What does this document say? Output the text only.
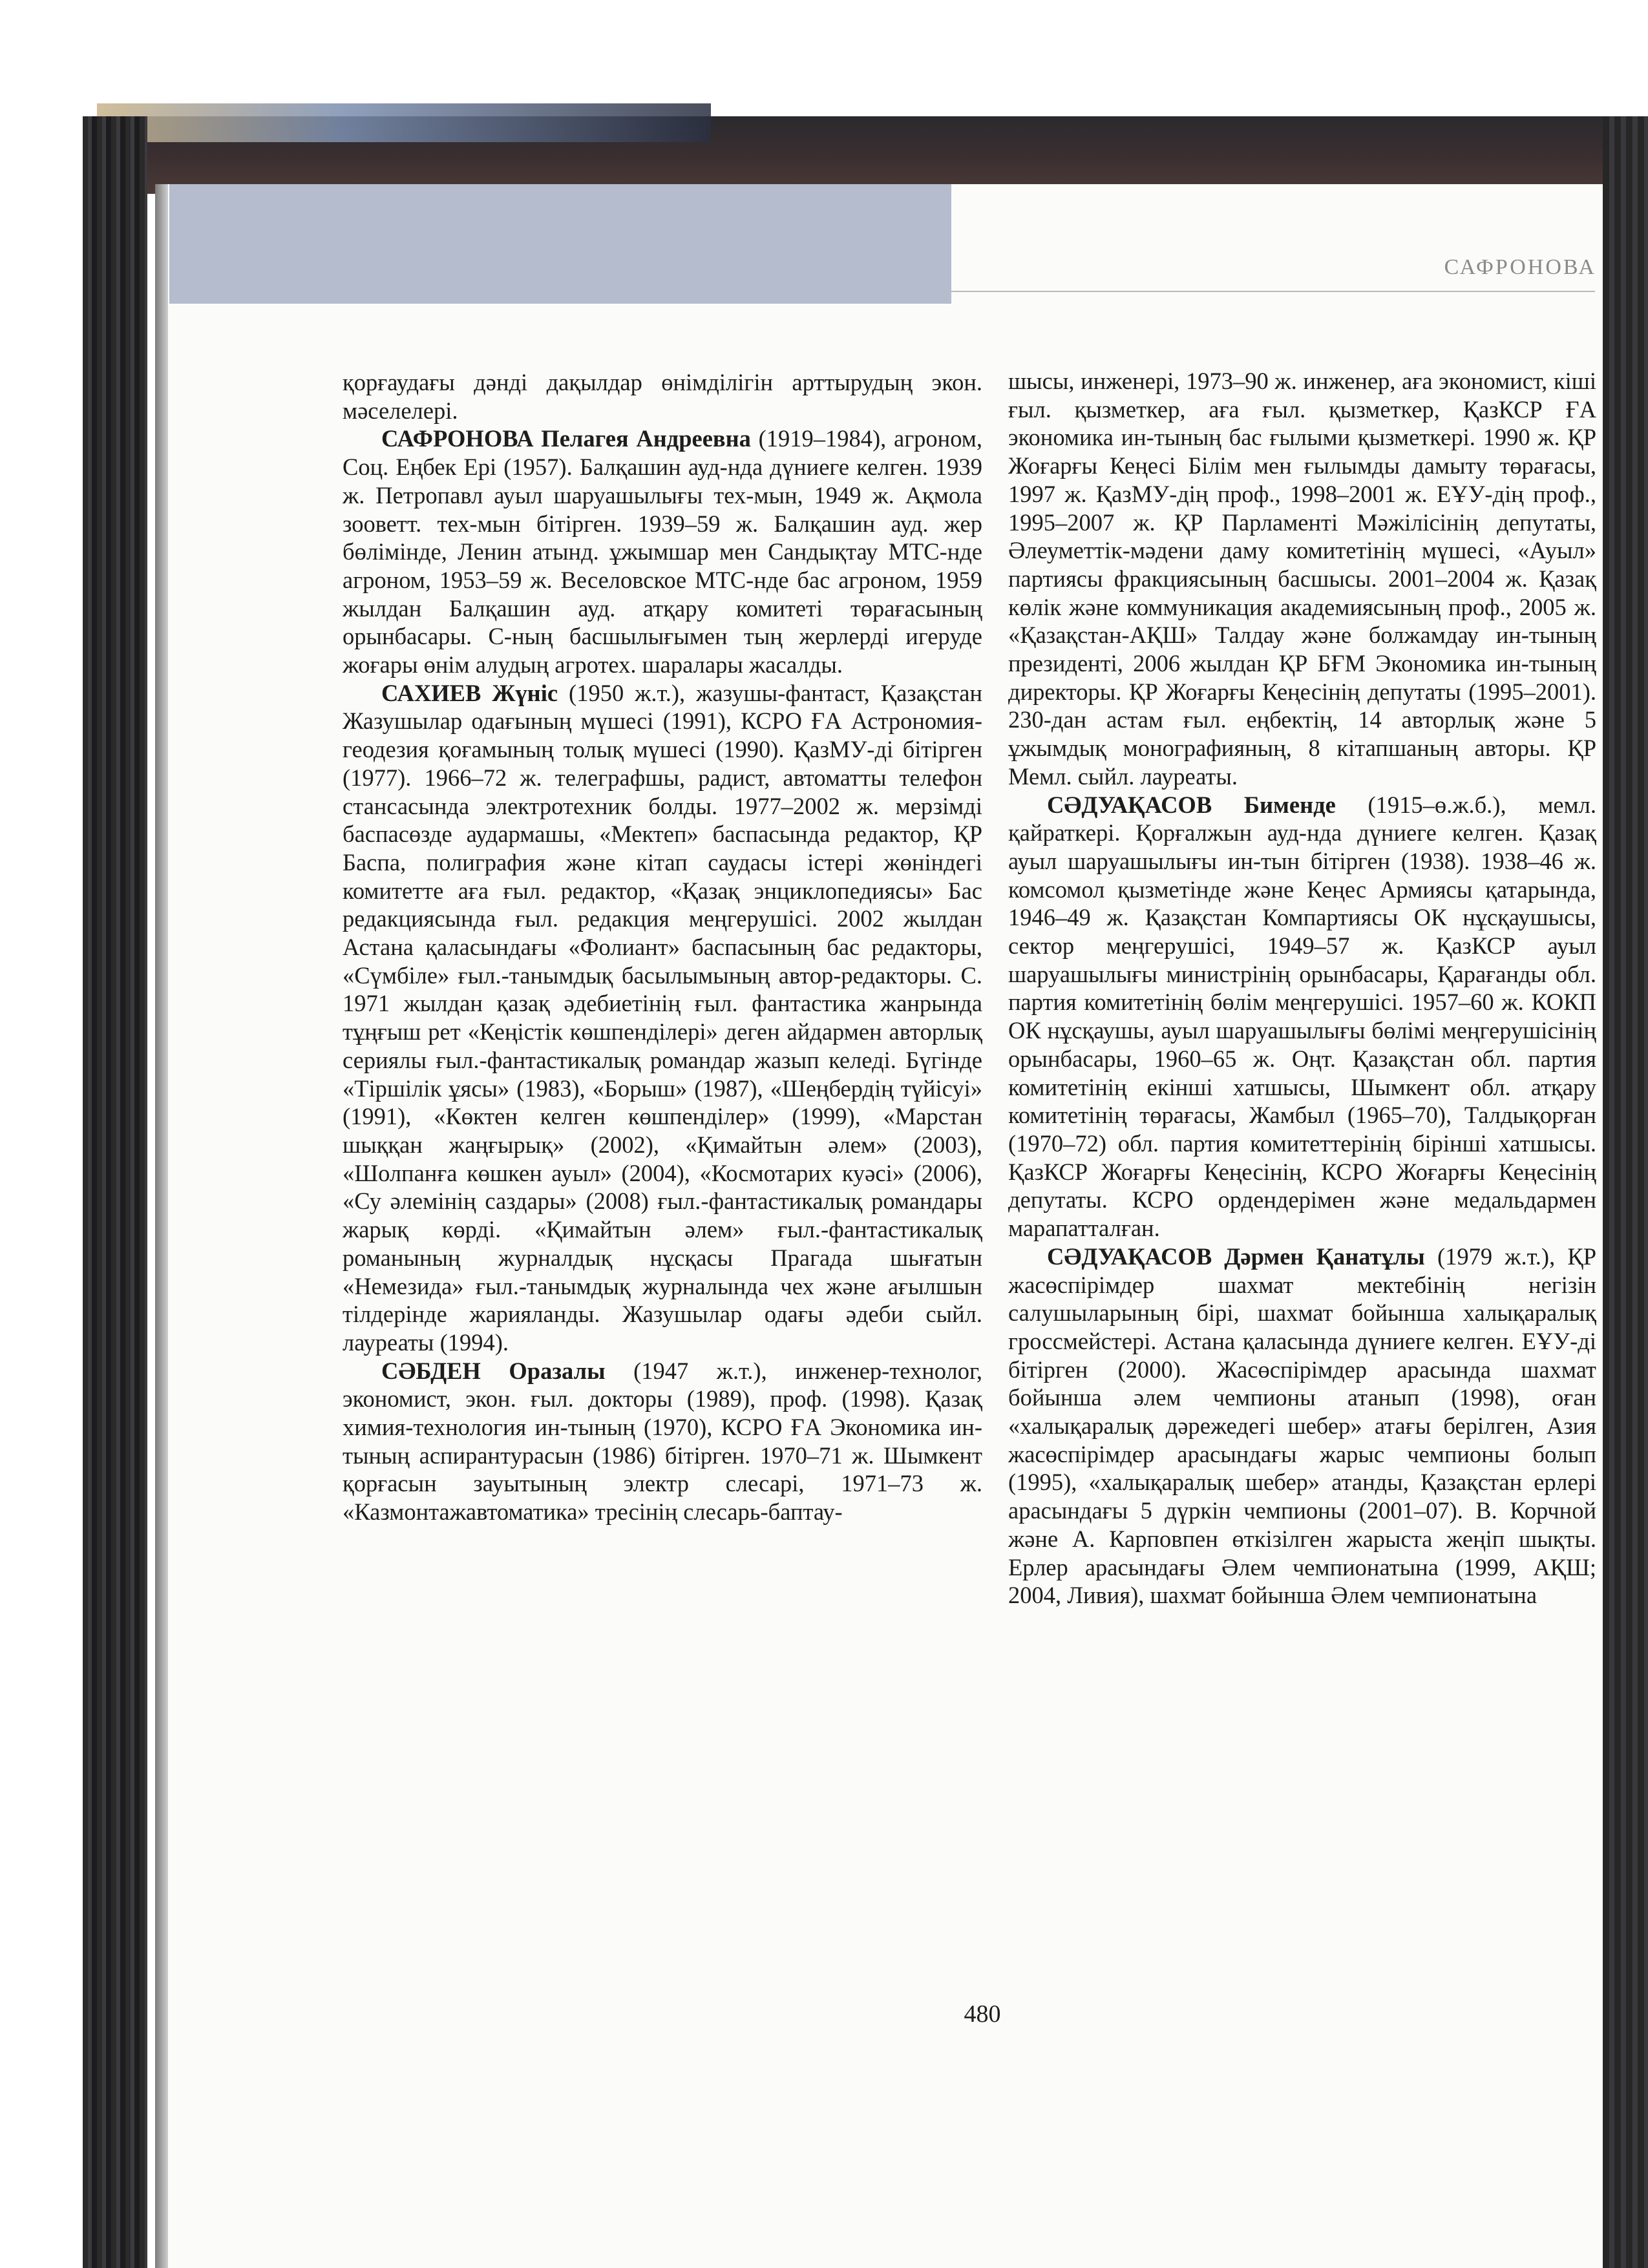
САФРОНОВА

қорғаудағы дәнді дақылдар өнімділігін арттырудың экон. мәселелері.

САФРОНОВА Пелагея Андреевна (1919–1984), агроном, Соц. Еңбек Ері (1957). Балқашин ауд-нда дүниеге келген. 1939 ж. Петропавл ауыл шаруашылығы тех-мын, 1949 ж. Ақмола зооветт. тех-мын бітірген. 1939–59 ж. Балқашин ауд. жер бөлімінде, Ленин атынд. ұжымшар мен Сандықтау МТС-нде агроном, 1953–59 ж. Веселовское МТС-нде бас агроном, 1959 жылдан Балқашин ауд. атқару комитеті төрағасының орынбасары. С-ның басшылығымен тың жерлерді игеруде жоғары өнім алудың агротех. шаралары жасалды.

САХИЕВ Жүніс (1950 ж.т.), жазушы-фантаст, Қазақстан Жазушылар одағының мүшесі (1991), КСРО ҒА Астрономия-геодезия қоғамының толық мүшесі (1990). ҚазМУ-ді бітірген (1977). 1966–72 ж. телеграфшы, радист, автоматты телефон стансасында электротехник болды. 1977–2002 ж. мерзімді баспасөзде аудармашы, «Мектеп» баспасында редактор, ҚР Баспа, полиграфия және кітап саудасы істері жөніндегі комитетте аға ғыл. редактор, «Қазақ энциклопедиясы» Бас редакциясында ғыл. редакция меңгерушісі. 2002 жылдан Астана қаласындағы «Фолиант» баспасының бас редакторы, «Сүмбіле» ғыл.-танымдық басылымының автор-редакторы. С. 1971 жылдан қазақ әдебиетінің ғыл. фантастика жанрында тұңғыш рет «Кеңістік көшпенділері» деген айдармен авторлық сериялы ғыл.-фантастикалық романдар жазып келеді. Бүгінде «Тіршілік ұясы» (1983), «Борыш» (1987), «Шеңбердің түйісуі» (1991), «Көктен келген көшпенділер» (1999), «Марстан шыққан жаңғырық» (2002), «Қимайтын әлем» (2003), «Шолпанға көшкен ауыл» (2004), «Космотарих куәсі» (2006), «Су әлемінің саздары» (2008) ғыл.-фантастикалық романдары жарық көрді. «Қимайтын әлем» ғыл.-фантастикалық романының журналдық нұсқасы Прагада шығатын «Немезида» ғыл.-танымдық журналында чех және ағылшын тілдерінде жарияланды. Жазушылар одағы әдеби сыйл. лауреаты (1994).

СӘБДЕН Оразалы (1947 ж.т.), инженер-технолог, экономист, экон. ғыл. докторы (1989), проф. (1998). Қазақ химия-технология ин-тының (1970), КСРО ҒА Экономика ин-тының аспирантурасын (1986) бітірген. 1970–71 ж. Шымкент қорғасын зауытының электр слесарі, 1971–73 ж. «Казмонтажавтоматика» тресінің слесарь-баптау-

шысы, инженері, 1973–90 ж. инженер, аға экономист, кіші ғыл. қызметкер, аға ғыл. қызметкер, ҚазКСР ҒА экономика ин-тының бас ғылыми қызметкері. 1990 ж. ҚР Жоғарғы Кеңесі Білім мен ғылымды дамыту төрағасы, 1997 ж. ҚазМУ-дің проф., 1998–2001 ж. ЕҰУ-дің проф., 1995–2007 ж. ҚР Парламенті Мәжілісінің депутаты, Әлеуметтік-мәдени даму комитетінің мүшесі, «Ауыл» партиясы фракциясының басшысы. 2001–2004 ж. Қазақ көлік және коммуникация академиясының проф., 2005 ж. «Қазақстан-АҚШ» Талдау және болжамдау ин-тының президенті, 2006 жылдан ҚР БҒМ Экономика ин-тының директоры. ҚР Жоғарғы Кеңесінің депутаты (1995–2001). 230-дан астам ғыл. еңбектің, 14 авторлық және 5 ұжымдық монографияның, 8 кітапшаның авторы. ҚР Мемл. сыйл. лауреаты.

СӘДУАҚАСОВ Бименде (1915–ө.ж.б.), мемл. қайраткері. Қорғалжын ауд-нда дүниеге келген. Қазақ ауыл шаруашылығы ин-тын бітірген (1938). 1938–46 ж. комсомол қызметінде және Кеңес Армиясы қатарында, 1946–49 ж. Қазақстан Компартиясы ОК нұсқаушысы, сектор меңгерушісі, 1949–57 ж. ҚазКСР ауыл шаруашылығы министрінің орынбасары, Қарағанды обл. партия комитетінің бөлім меңгерушісі. 1957–60 ж. КОКП ОК нұсқаушы, ауыл шаруашылығы бөлімі меңгерушісінің орынбасары, 1960–65 ж. Оңт. Қазақстан обл. партия комитетінің екінші хатшысы, Шымкент обл. атқару комитетінің төрағасы, Жамбыл (1965–70), Талдықорған (1970–72) обл. партия комитеттерінің бірінші хатшысы. ҚазКСР Жоғарғы Кеңесінің, КСРО Жоғарғы Кеңесінің депутаты. КСРО ордендерімен және медальдармен марапатталған.

СӘДУАҚАСОВ Дәрмен Қанатұлы (1979 ж.т.), ҚР жасөспірімдер шахмат мектебінің негізін салушыларының бірі, шахмат бойынша халықаралық гроссмейстері. Астана қаласында дүниеге келген. ЕҰУ-ді бітірген (2000). Жасөспірімдер арасында шахмат бойынша әлем чемпионы атанып (1998), оған «халықаралық дәрежедегі шебер» атағы берілген, Азия жасөспірімдер арасындағы жарыс чемпионы болып (1995), «халықаралық шебер» атанды, Қазақстан ерлері арасындағы 5 дүркін чемпионы (2001–07). В. Корчной және А. Карповпен өткізілген жарыста жеңіп шықты. Ерлер арасындағы Әлем чемпионатына (1999, АҚШ; 2004, Ливия), шахмат бойынша Әлем чемпионатына

480
